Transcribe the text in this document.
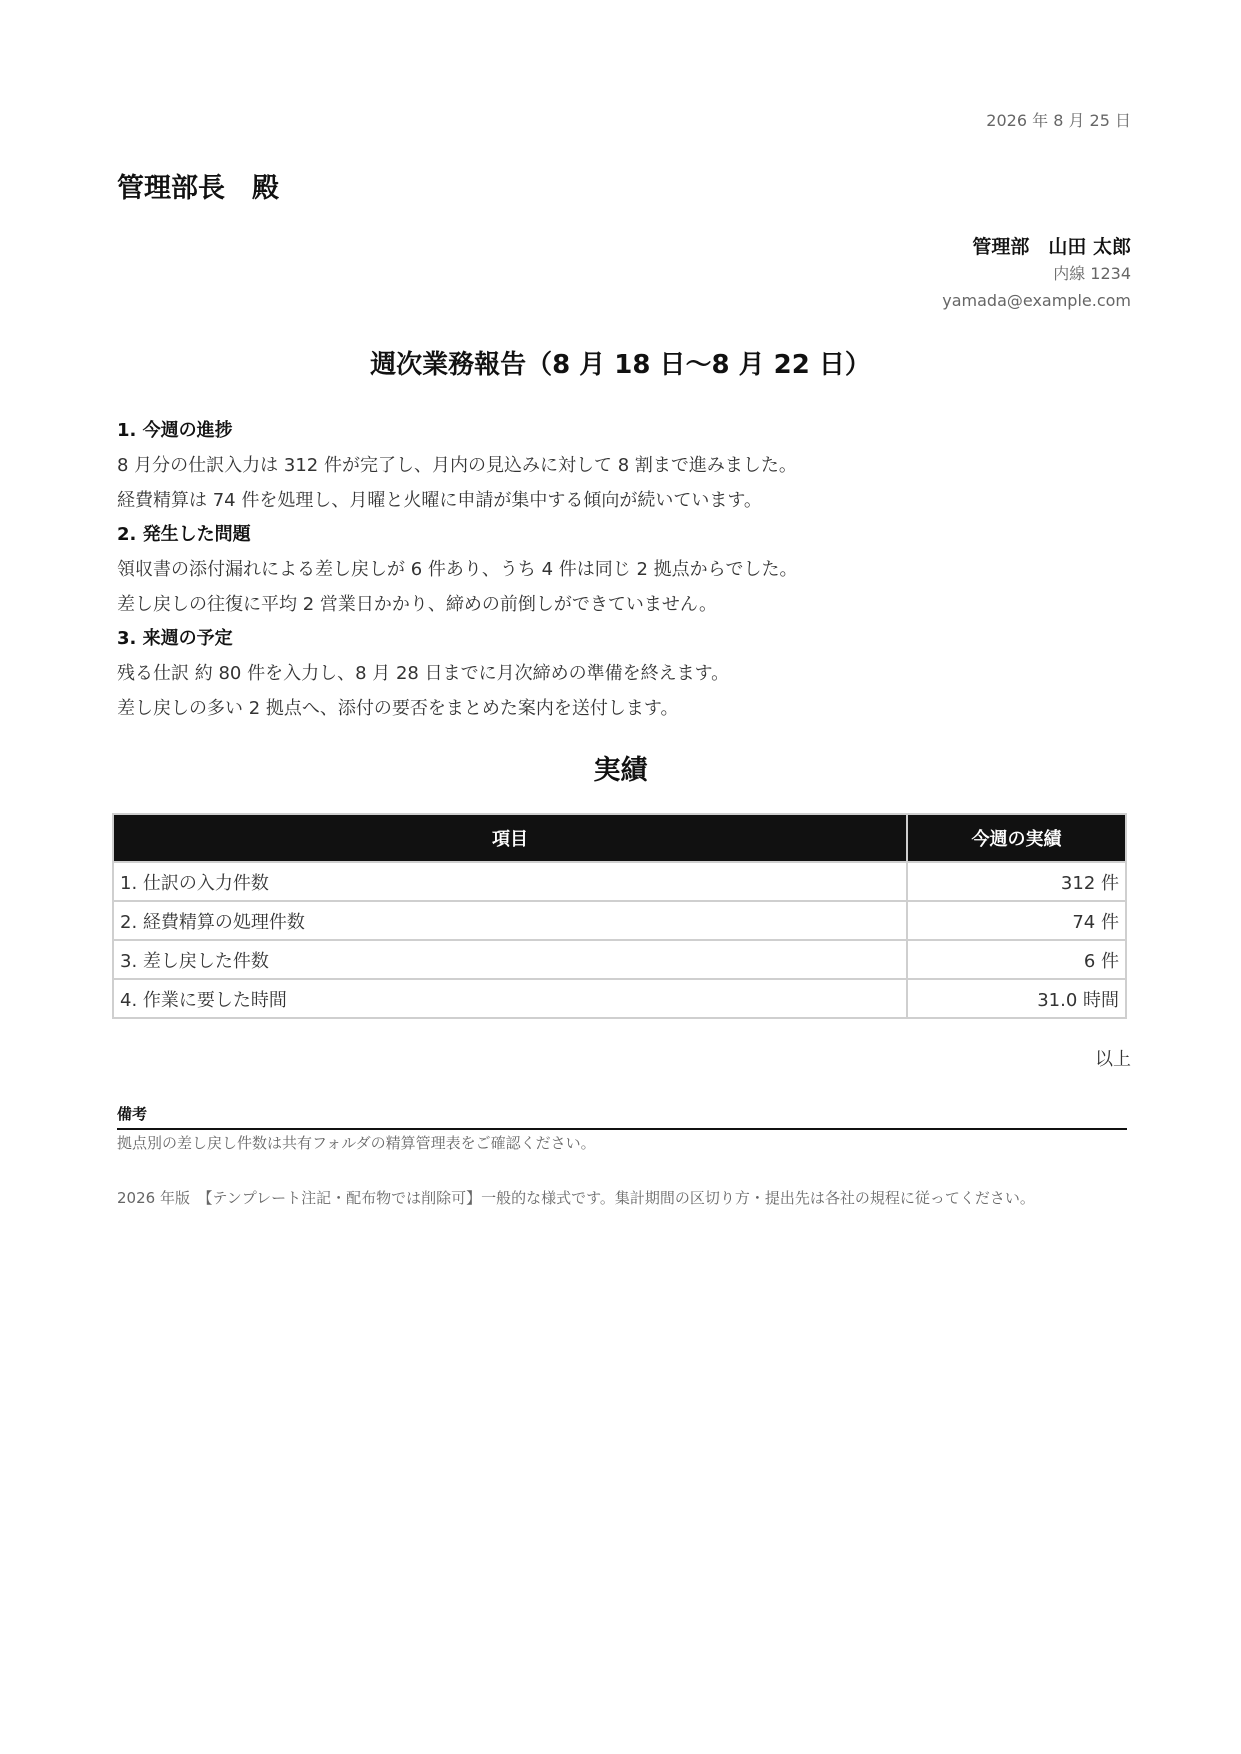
2026 年 8 月 25 日
管理部長　殿
管理部　山田 太郎
内線 1234
yamada@example.com
週次業務報告（8 月 18 日〜8 月 22 日）
1. 今週の進捗
8 月分の仕訳入力は 312 件が完了し、月内の見込みに対して 8 割まで進みました。
経費精算は 74 件を処理し、月曜と火曜に申請が集中する傾向が続いています。
2. 発生した問題
領収書の添付漏れによる差し戻しが 6 件あり、うち 4 件は同じ 2 拠点からでした。
差し戻しの往復に平均 2 営業日かかり、締めの前倒しができていません。
3. 来週の予定
残る仕訳 約 80 件を入力し、8 月 28 日までに月次締めの準備を終えます。
差し戻しの多い 2 拠点へ、添付の要否をまとめた案内を送付します。
実績
項目	今週の実績
1. 仕訳の入力件数	312 件
2. 経費精算の処理件数	74 件
3. 差し戻した件数	6 件
4. 作業に要した時間	31.0 時間
以上
備考
拠点別の差し戻し件数は共有フォルダの精算管理表をご確認ください。
2026 年版　【テンプレート注記・配布物では削除可】一般的な様式です。集計期間の区切り方・提出先は各社の規程に従ってください。
